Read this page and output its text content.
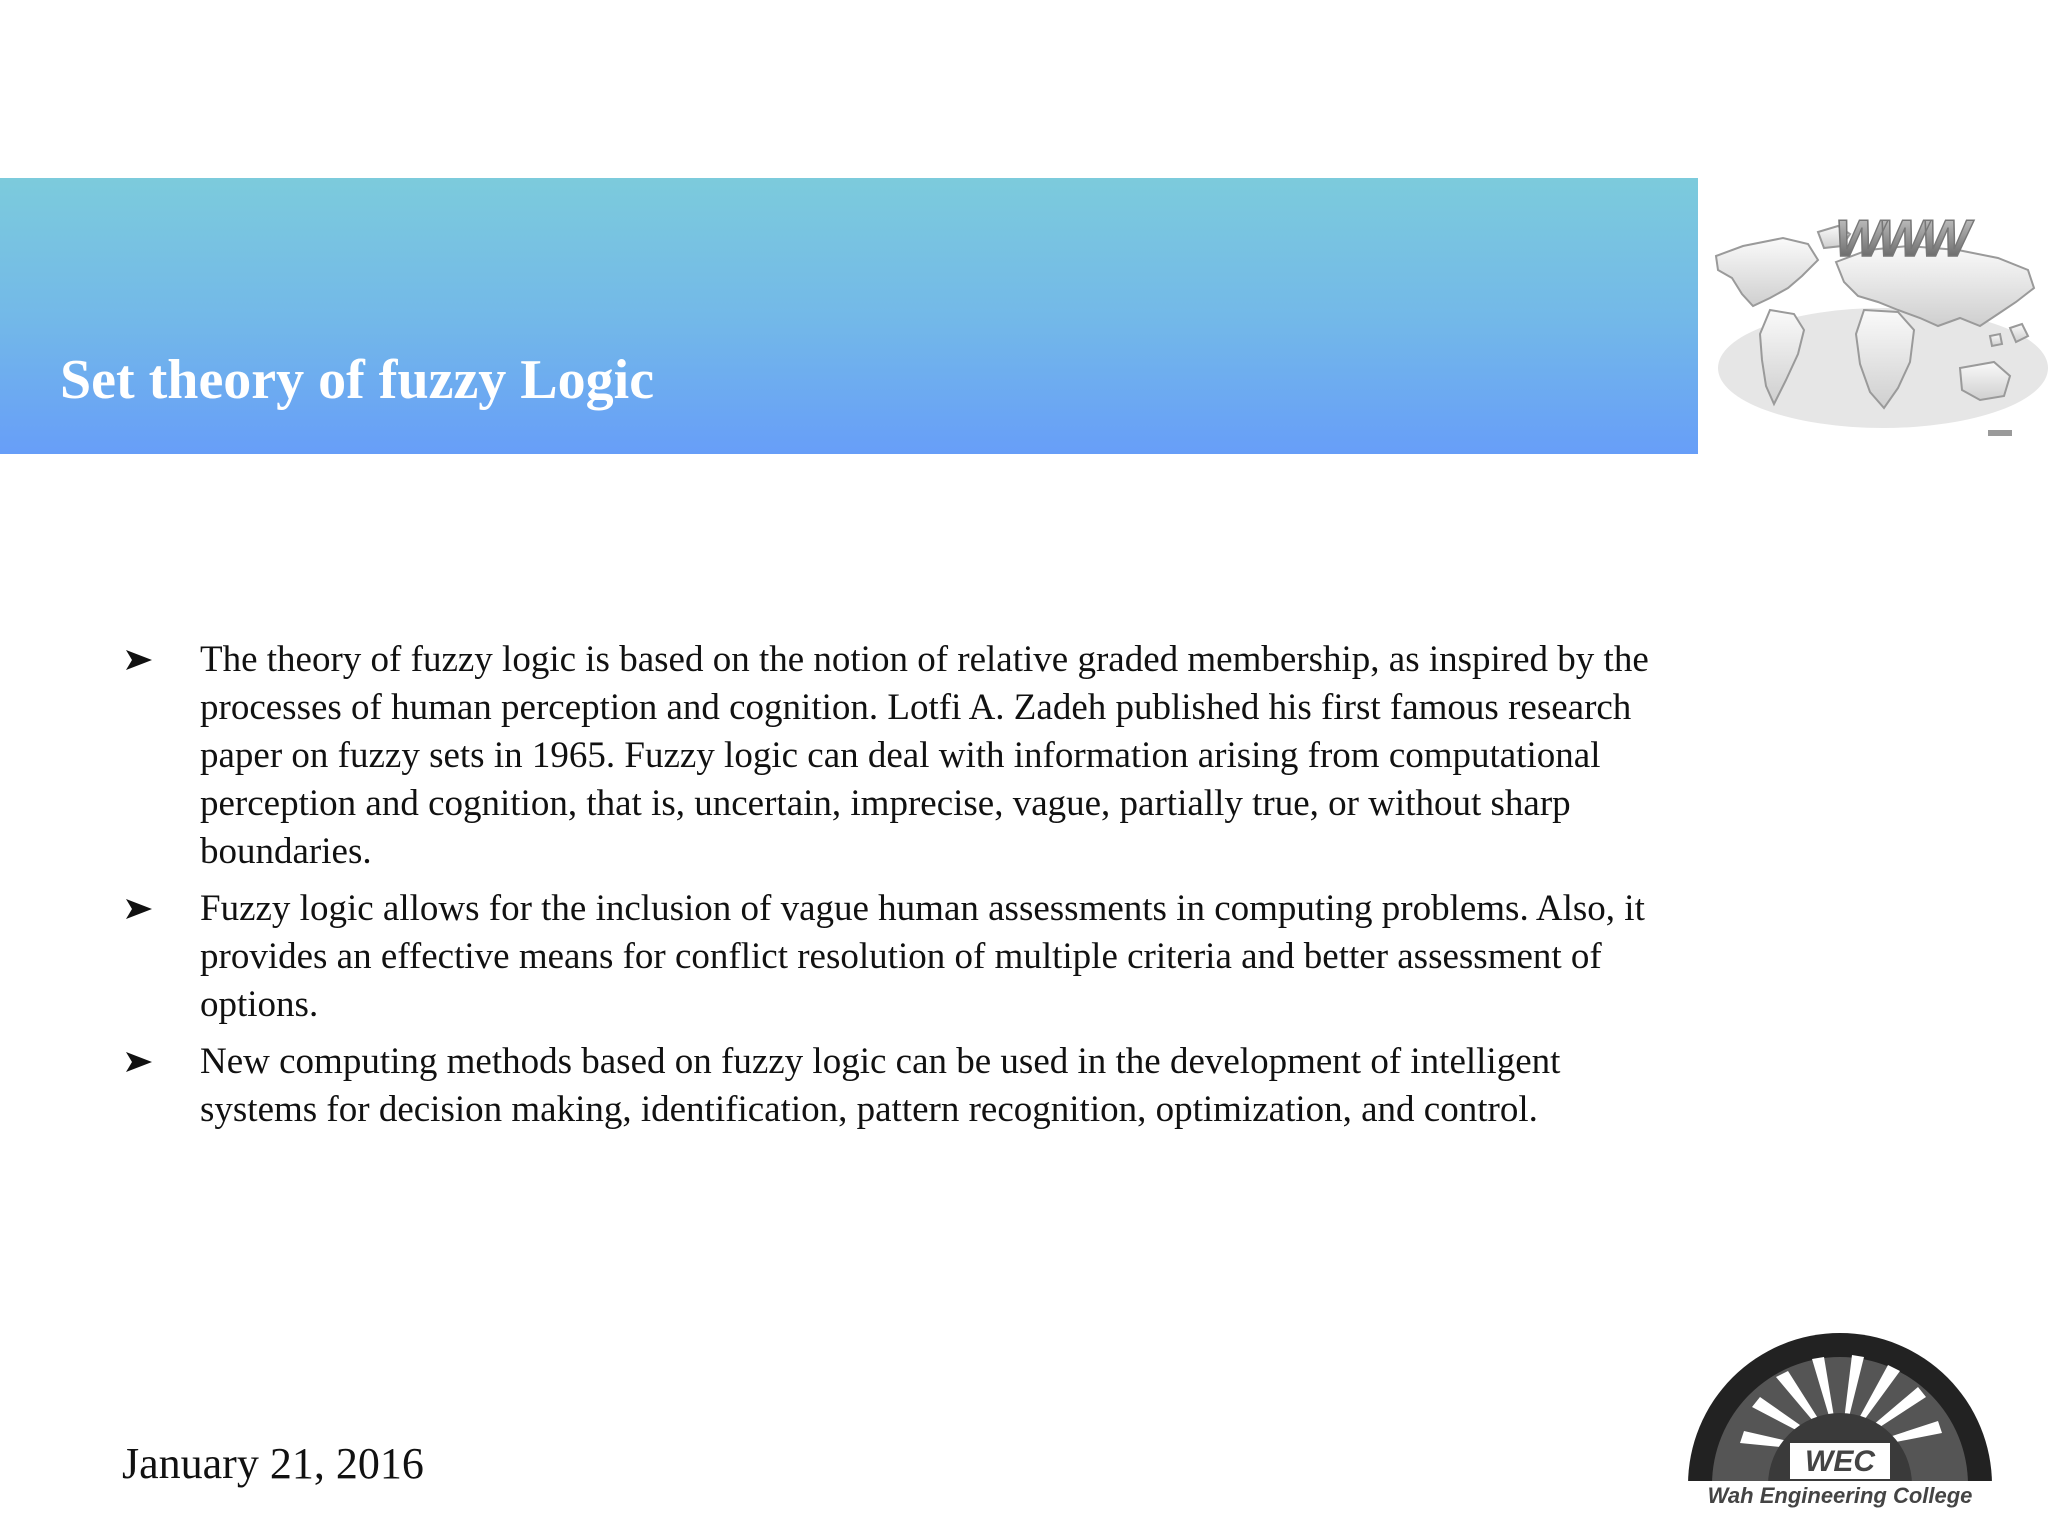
Set theory of fuzzy Logic
WWW
The theory of fuzzy logic is based on the notion of relative graded membership, as inspired by the processes of human perception and cognition. Lotfi A. Zadeh published his first famous research paper on fuzzy sets in 1965. Fuzzy logic can deal with information arising from computational perception and cognition, that is, uncertain, imprecise, vague, partially true, or without sharp boundaries.
Fuzzy logic allows for the inclusion of vague human assessments in computing problems. Also, it provides an effective means for conflict resolution of multiple criteria and better assessment of options.
New computing methods based on fuzzy logic can be used in the development of intelligent systems for decision making, identification, pattern recognition, optimization, and control.
January 21, 2016	WEC
Wah Engineering College
